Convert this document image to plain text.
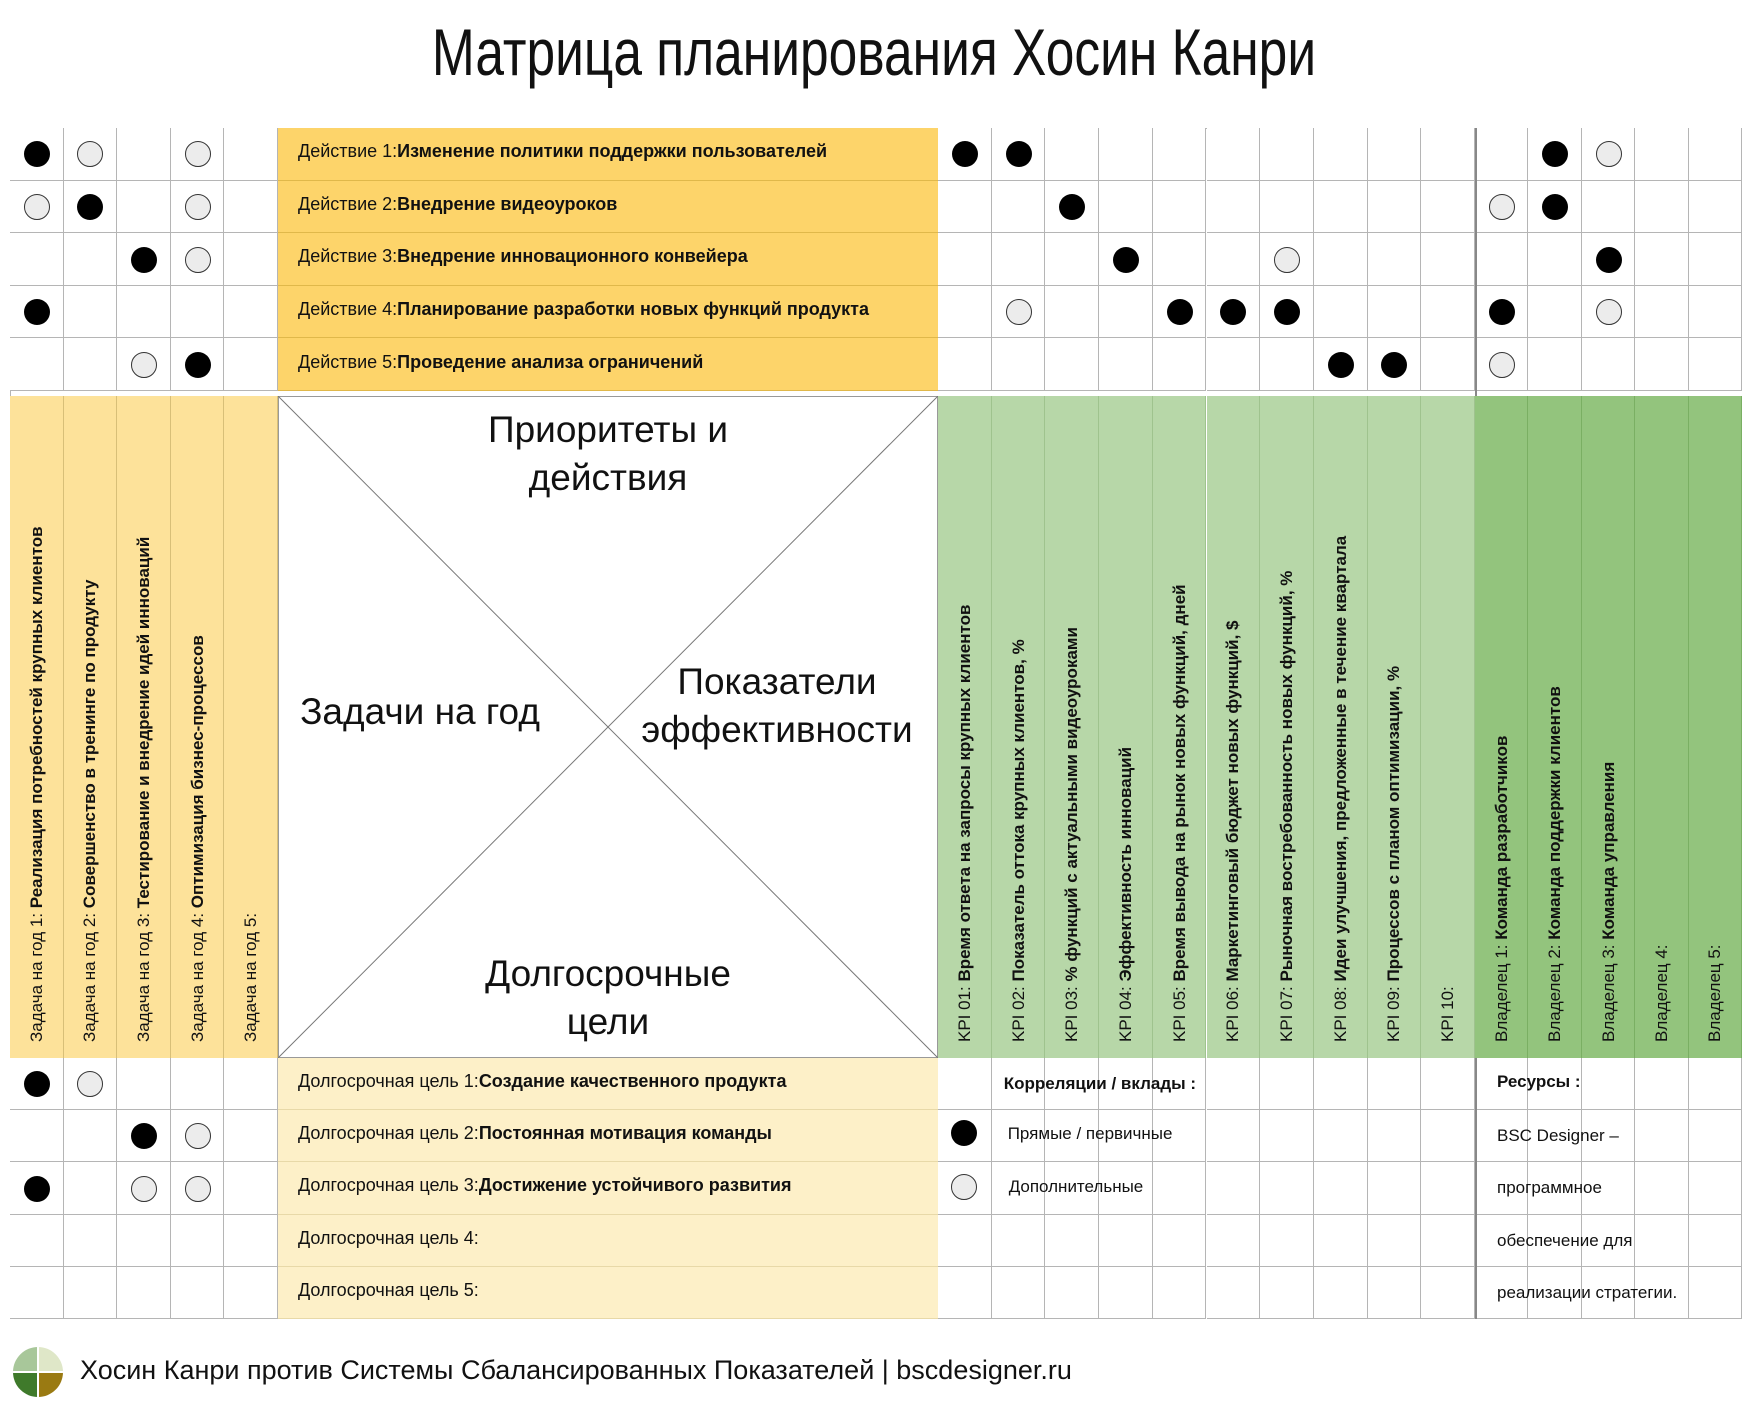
Матрица планирования Хосин Канри
Действие 1: Изменение политики поддержки пользователей
Действие 2: Внедрение видеоуроков
Действие 3: Внедрение инновационного конвейера
Действие 4: Планирование разработки новых функций продукта
Действие 5: Проведение анализа ограничений
Долгосрочная цель 1: Создание качественного продукта
Долгосрочная цель 2: Постоянная мотивация команды
Долгосрочная цель 3: Достижение устойчивого развития
Долгосрочная цель 4:
Долгосрочная цель 5:
Приоритеты и
действия
Задачи на год
Показатели
эффективности
Долгосрочные
цели
Задача на год 1: Реализация потребностей крупных клиентов
Задача на год 2: Совершенство в тренинге по продукту
Задача на год 3: Тестирование и внедрение идей инноваций
Задача на год 4: Оптимизация бизнес-процессов
Задача на год 5:	KPI 01: Время ответа на запросы крупных клиентов
KPI 02: Показатель оттока крупных клиентов, %
KPI 03: % функций с актуальными видеоуроками
KPI 04: Эффективность инноваций
KPI 05: Время вывода на рынок новых функций, дней
KPI 06: Маркетинговый бюджет новых функций, $
KPI 07: Рыночная востребованность новых функций, %
KPI 08: Идеи улучшения, предложенные в течение квартала
KPI 09: Процессов с планом оптимизации, %
KPI 10: Владелец 1: Команда разработчиков
Владелец 2: Команда поддержки клиентов
Владелец 3: Команда управления
Владелец 4: Владелец 5:
Корреляции / вклады :
Прямые / первичные
Дополнительные
Ресурсы :
BSC Designer –
программное
обеспечение для
реализации стратегии.
Хосин Канри против Системы Сбалансированных Показателей | bscdesigner.ru
